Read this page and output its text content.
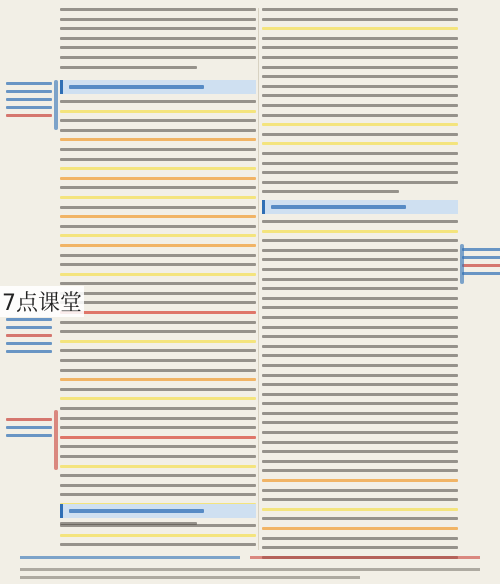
7点课堂
